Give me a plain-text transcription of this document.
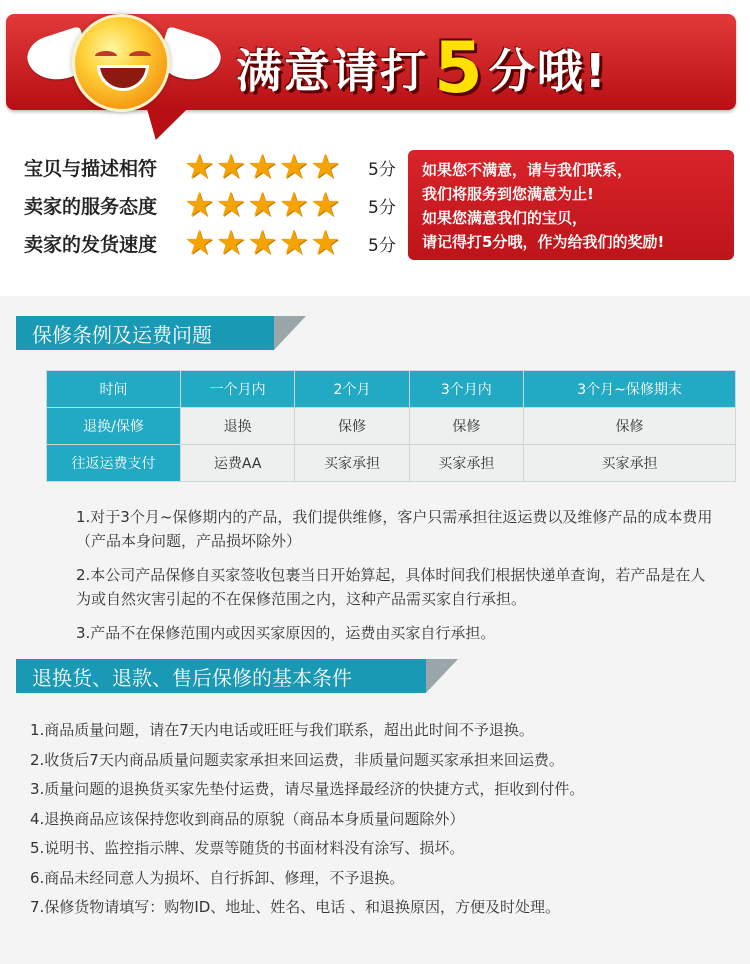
满意请打 5 分哦!
宝贝与描述相符 ★ ★ ★ ★ ★ 5分
卖家的服务态度 ★ ★ ★ ★ ★ 5分
卖家的发货速度 ★ ★ ★ ★ ★ 5分
如果您不满意，请与我们联系，
我们将服务到您满意为止!
如果您满意我们的宝贝，
请记得打5分哦，作为给我们的奖励!
保修条例及运费问题
时间	一个月内	2个月	3个月内	3个月~保修期末
退换/保修	退换	保修	保修	保修
往返运费支付	运费AA	买家承担	买家承担	买家承担

1.对于3个月~保修期内的产品，我们提供维修，客户只需承担往返运费以及维修产品的成本费用（产品本身问题，产品损坏除外）

2.本公司产品保修自买家签收包裹当日开始算起，具体时间我们根据快递单查询，若产品是在人为或自然灾害引起的不在保修范围之内，这种产品需买家自行承担。

3.产品不在保修范围内或因买家原因的，运费由买家自行承担。

退换货、退款、售后保修的基本条件

1.商品质量问题，请在7天内电话或旺旺与我们联系，超出此时间不予退换。

2.收货后7天内商品质量问题卖家承担来回运费，非质量问题买家承担来回运费。

3.质量问题的退换货买家先垫付运费，请尽量选择最经济的快捷方式，拒收到付件。

4.退换商品应该保持您收到商品的原貌（商品本身质量问题除外）

5.说明书、监控指示牌、发票等随货的书面材料没有涂写、损坏。

6.商品未经同意人为损坏、自行拆卸、修理，不予退换。

7.保修货物请填写：购物ID、地址、姓名、电话 、和退换原因，方便及时处理。
